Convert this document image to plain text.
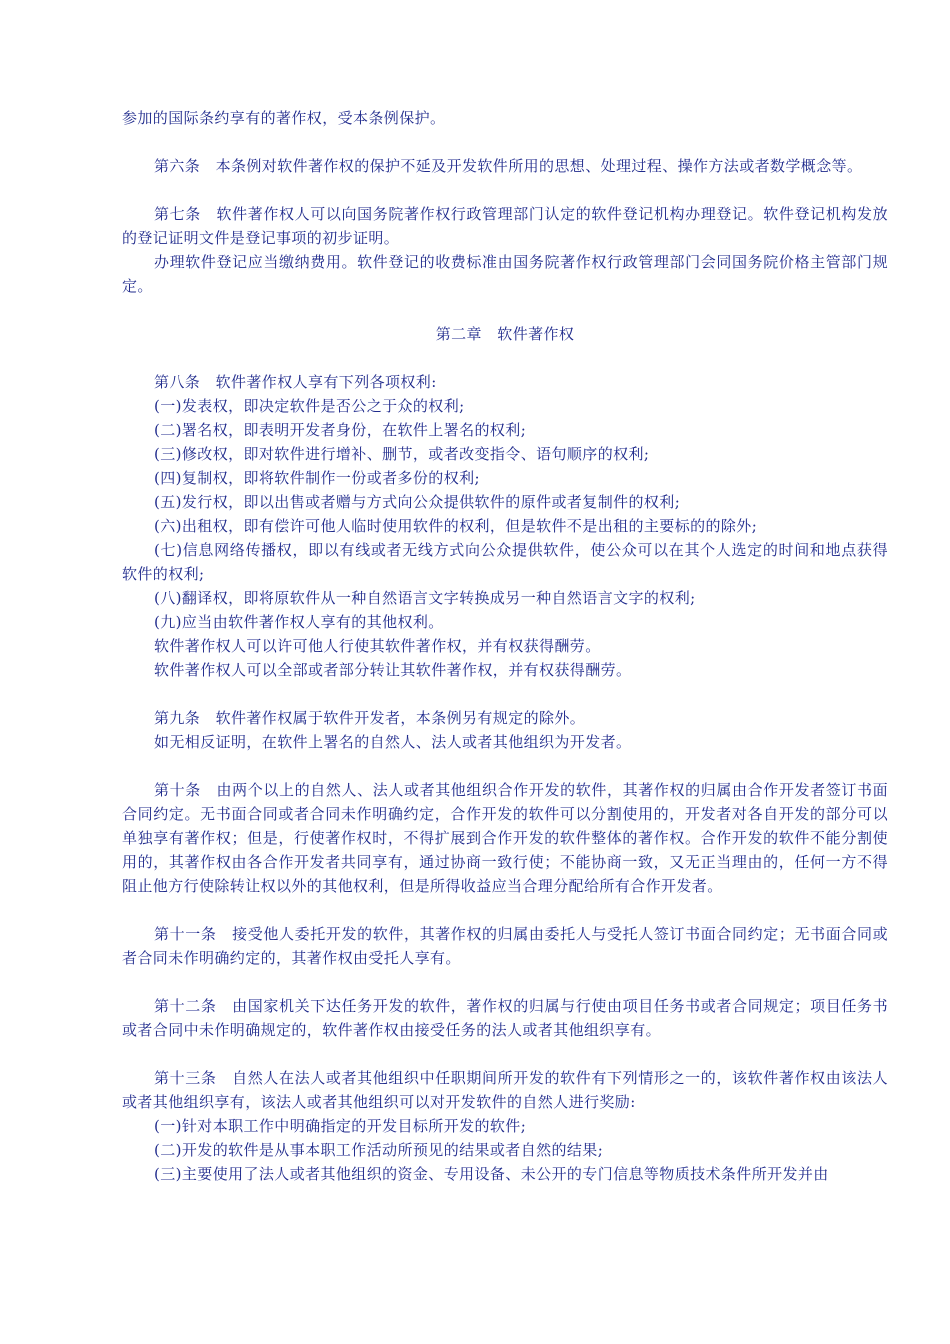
参加的国际条约享有的著作权，受本条例保护。

第六条　本条例对软件著作权的保护不延及开发软件所用的思想、处理过程、操作方法或者数学概念等。

第七条　软件著作权人可以向国务院著作权行政管理部门认定的软件登记机构办理登记。软件登记机构发放的登记证明文件是登记事项的初步证明。

办理软件登记应当缴纳费用。软件登记的收费标准由国务院著作权行政管理部门会同国务院价格主管部门规定。

第二章　软件著作权

第八条　软件著作权人享有下列各项权利:

(一)发表权，即决定软件是否公之于众的权利;

(二)署名权，即表明开发者身份，在软件上署名的权利;

(三)修改权，即对软件进行增补、删节，或者改变指令、语句顺序的权利;

(四)复制权，即将软件制作一份或者多份的权利;

(五)发行权，即以出售或者赠与方式向公众提供软件的原件或者复制件的权利;

(六)出租权，即有偿许可他人临时使用软件的权利，但是软件不是出租的主要标的的除外;

(七)信息网络传播权，即以有线或者无线方式向公众提供软件，使公众可以在其个人选定的时间和地点获得软件的权利;

(八)翻译权，即将原软件从一种自然语言文字转换成另一种自然语言文字的权利;

(九)应当由软件著作权人享有的其他权利。

软件著作权人可以许可他人行使其软件著作权，并有权获得酬劳。

软件著作权人可以全部或者部分转让其软件著作权，并有权获得酬劳。

第九条　软件著作权属于软件开发者，本条例另有规定的除外。

如无相反证明，在软件上署名的自然人、法人或者其他组织为开发者。

第十条　由两个以上的自然人、法人或者其他组织合作开发的软件，其著作权的归属由合作开发者签订书面合同约定。无书面合同或者合同未作明确约定，合作开发的软件可以分割使用的，开发者对各自开发的部分可以单独享有著作权；但是，行使著作权时，不得扩展到合作开发的软件整体的著作权。合作开发的软件不能分割使用的，其著作权由各合作开发者共同享有，通过协商一致行使；不能协商一致，又无正当理由的，任何一方不得阻止他方行使除转让权以外的其他权利，但是所得收益应当合理分配给所有合作开发者。

第十一条　接受他人委托开发的软件，其著作权的归属由委托人与受托人签订书面合同约定；无书面合同或者合同未作明确约定的，其著作权由受托人享有。

第十二条　由国家机关下达任务开发的软件，著作权的归属与行使由项目任务书或者合同规定；项目任务书或者合同中未作明确规定的，软件著作权由接受任务的法人或者其他组织享有。

第十三条　自然人在法人或者其他组织中任职期间所开发的软件有下列情形之一的，该软件著作权由该法人或者其他组织享有，该法人或者其他组织可以对开发软件的自然人进行奖励:

(一)针对本职工作中明确指定的开发目标所开发的软件;

(二)开发的软件是从事本职工作活动所预见的结果或者自然的结果;

(三)主要使用了法人或者其他组织的资金、专用设备、未公开的专门信息等物质技术条件所开发并由
